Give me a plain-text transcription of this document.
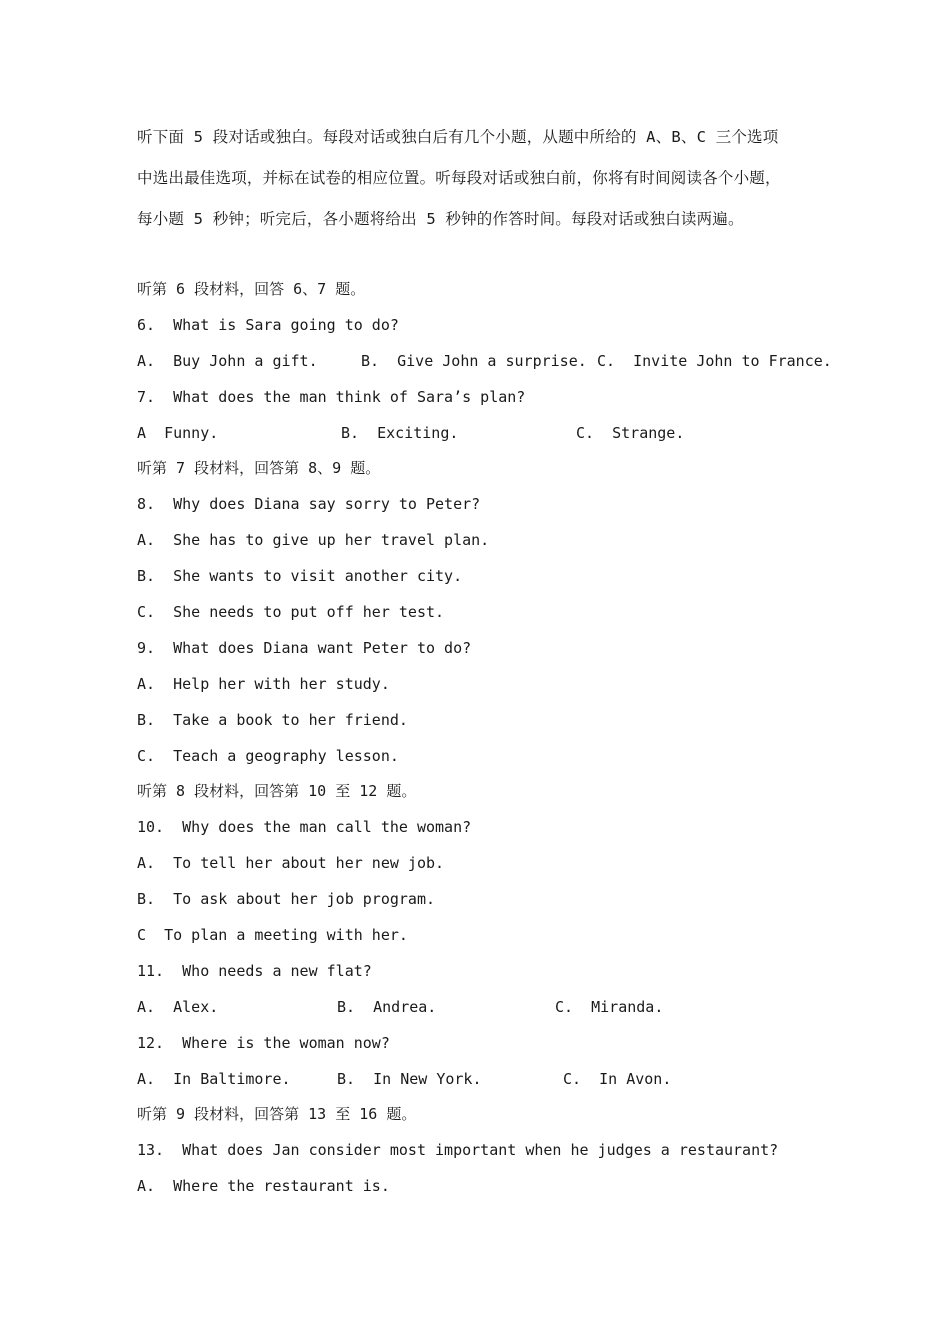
听下面 5 段对话或独白。每段对话或独白后有几个小题，从题中所给的 A、B、C 三个选项
中选出最佳选项，并标在试卷的相应位置。听每段对话或独白前，你将有时间阅读各个小题，
每小题 5 秒钟；听完后，各小题将给出 5 秒钟的作答时间。每段对话或独白读两遍。
听第 6 段材料，回答 6、7 题。
6.  What is Sara going to do?
A.  Buy John a gift.	B.  Give John a surprise. C.  Invite John to France.
7.  What does the man think of Sara’s plan?
A  Funny.	B.  Exciting.	C.  Strange.
听第 7 段材料，回答第 8、9 题。
8.  Why does Diana say sorry to Peter?
A.  She has to give up her travel plan.
B.  She wants to visit another city.
C.  She needs to put off her test.
9.  What does Diana want Peter to do?
A.  Help her with her study.
B.  Take a book to her friend.
C.  Teach a geography lesson.
听第 8 段材料，回答第 10 至 12 题。
10.  Why does the man call the woman?
A.  To tell her about her new job.
B.  To ask about her job program.
C  To plan a meeting with her.
11.  Who needs a new flat?
A.  Alex.	B.  Andrea.	C.  Miranda.
12.  Where is the woman now?
A.  In Baltimore.	B.  In New York.	C.  In Avon.
听第 9 段材料，回答第 13 至 16 题。
13.  What does Jan consider most important when he judges a restaurant?
A.  Where the restaurant is.
